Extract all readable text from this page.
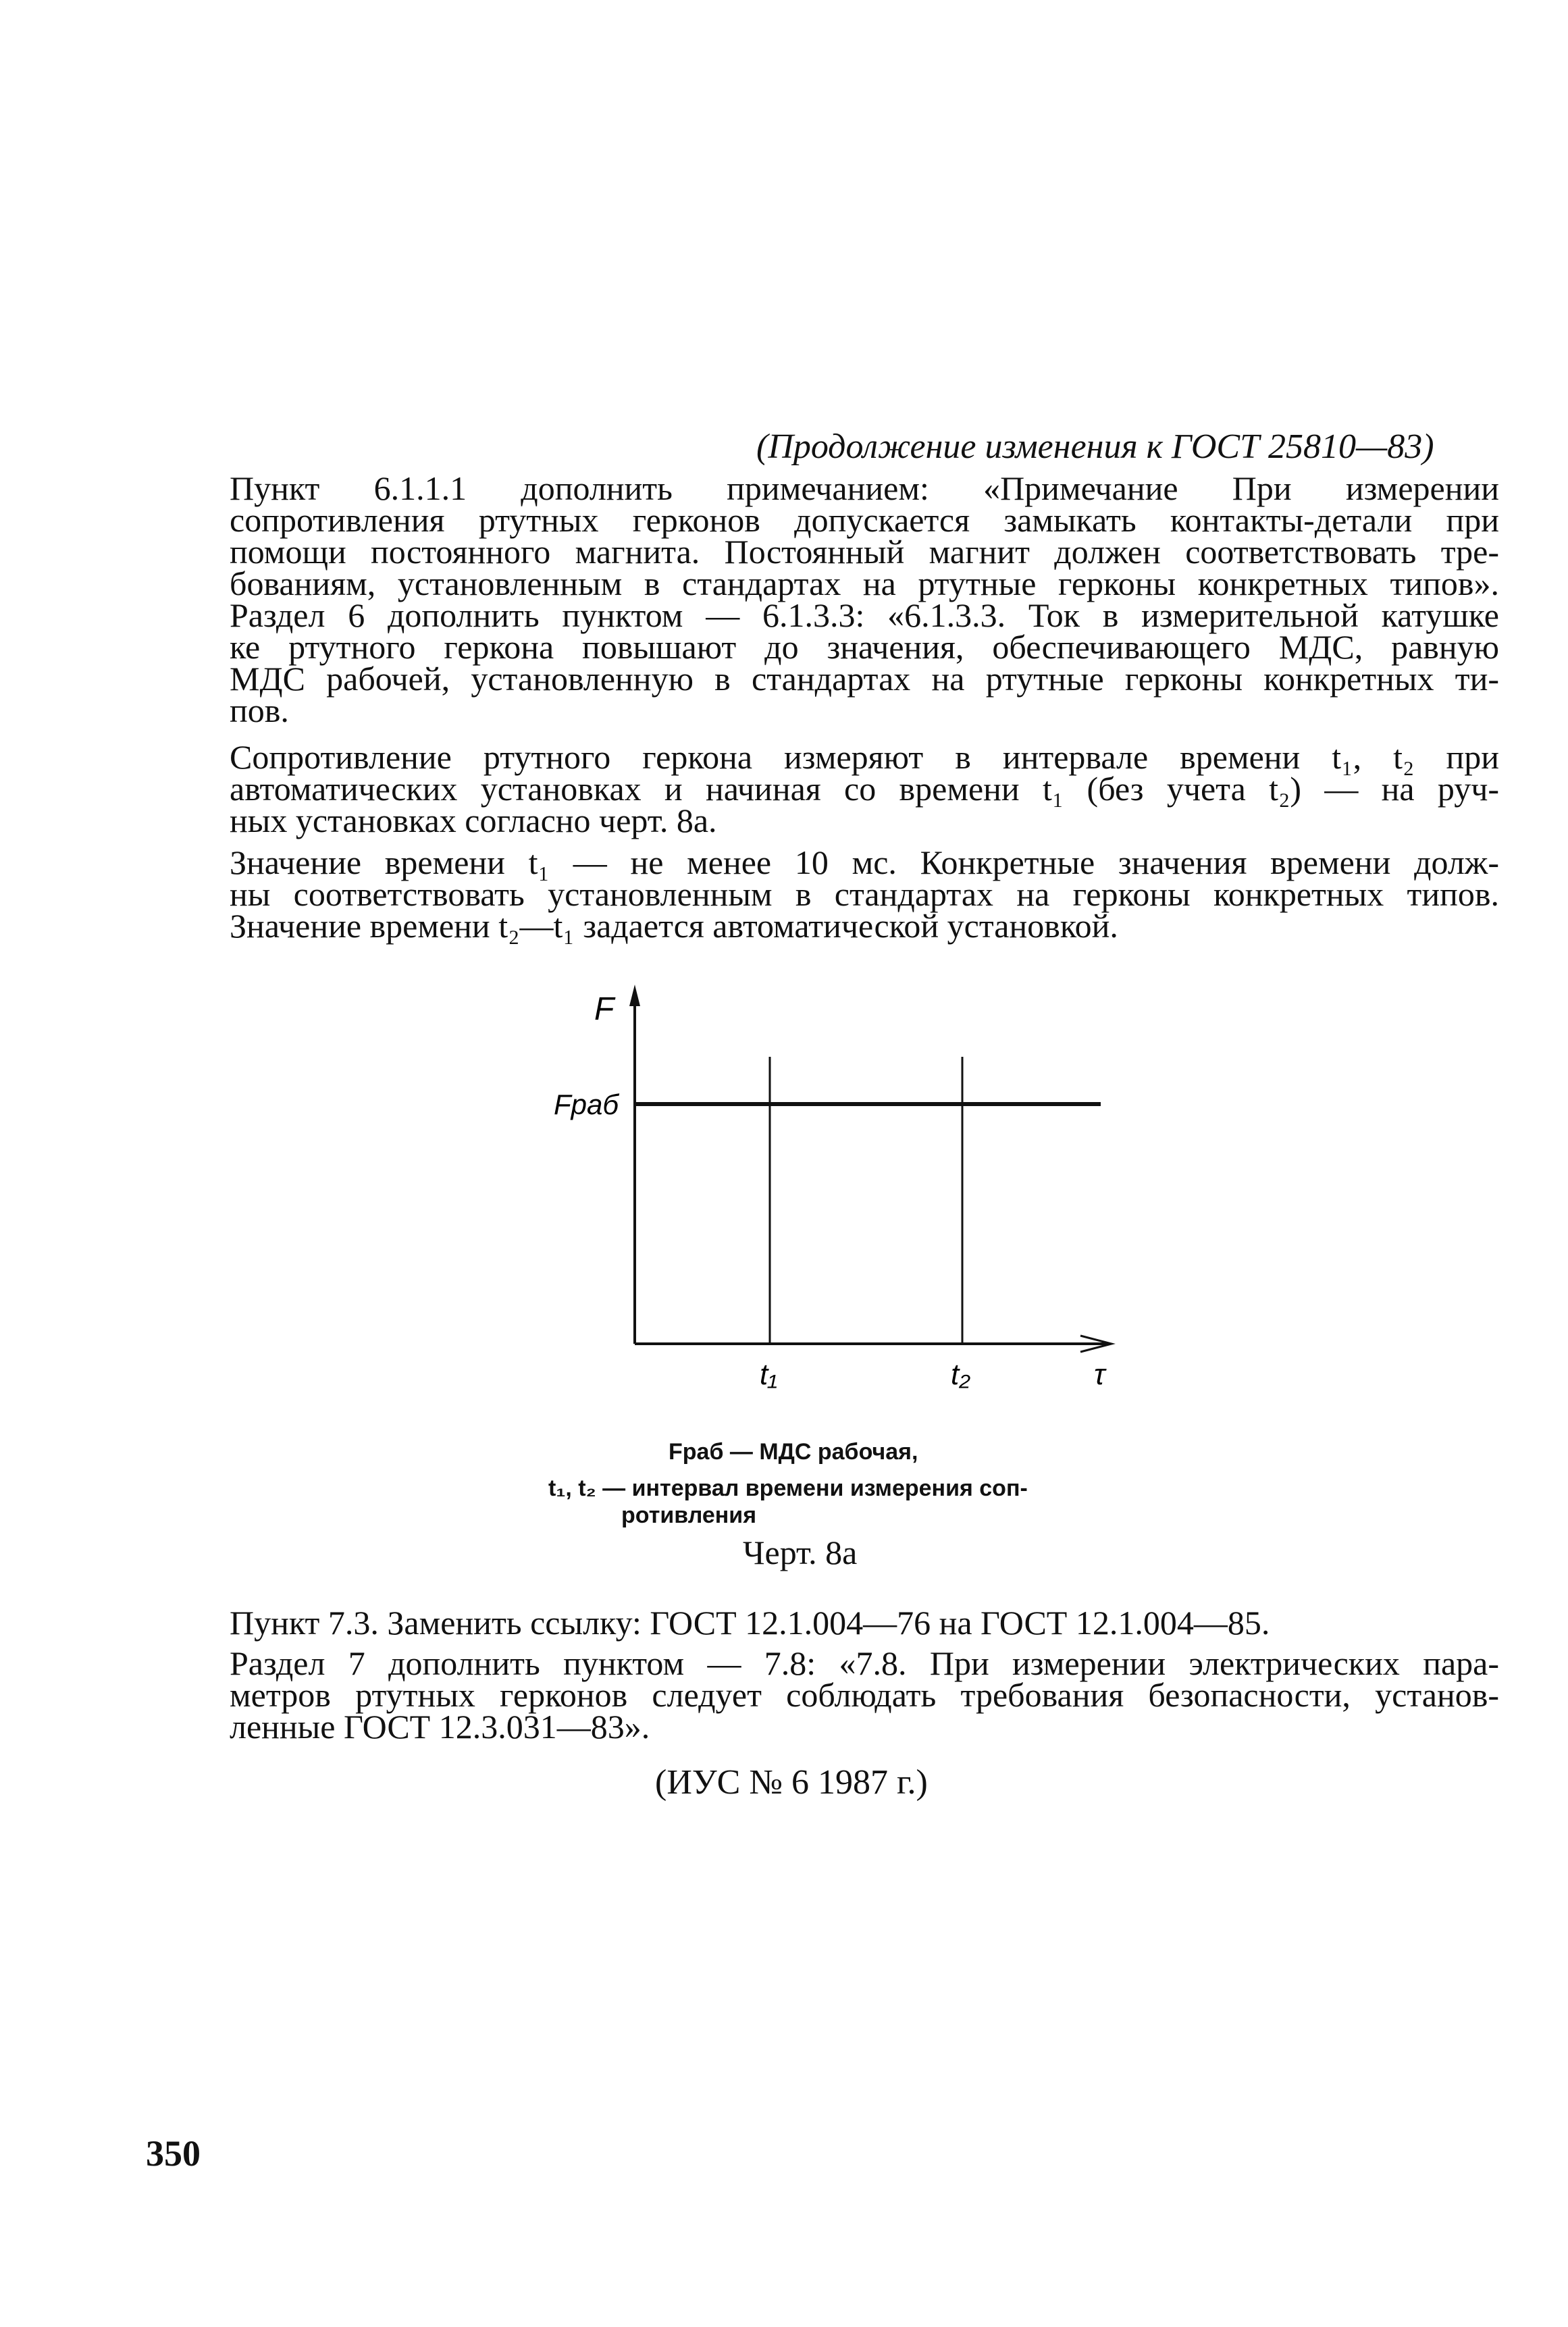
(Продолжение изменения к ГОСТ 25810—83)
Пункт 6.1.1.1 дополнить примечанием: «Примечание При измерении
сопротивления ртутных герконов допускается замыкать контакты-детали при
помощи постоянного магнита. Постоянный магнит должен соответствовать тре-
бованиям, установленным в стандартах на ртутные герконы конкретных типов».
Раздел 6 дополнить пунктом — 6.1.3.3: «6.1.3.3. Ток в измерительной катушке
ке ртутного геркона повышают до значения, обеспечивающего МДС, равную
МДС рабочей, установленную в стандартах на ртутные герконы конкретных ти-
пов.
Сопротивление ртутного геркона измеряют в интервале времени t₁, t₂ при
автоматических установках и начиная со времени t₁ (без учета t₂) — на руч-
ных установках согласно черт. 8а.
Значение времени t₁ — не менее 10 мс. Конкретные значения времени долж-
ны соответствовать установленным в стандартах на герконы конкретных типов.
Значение времени t₂—t₁ задается автоматической установкой.
F
Fраб
t₁	t₂	τ
Fраб — МДС рабочая,
t₁, t₂ — интервал времени измерения соп-
ротивления
Черт. 8а
Пункт 7.3. Заменить ссылку: ГОСТ 12.1.004—76 на ГОСТ 12.1.004—85.
Раздел 7 дополнить пунктом — 7.8: «7.8. При измерении электрических пара-
метров ртутных герконов следует соблюдать требования безопасности, установ-
ленные ГОСТ 12.3.031—83».
(ИУС № 6 1987 г.)
350
